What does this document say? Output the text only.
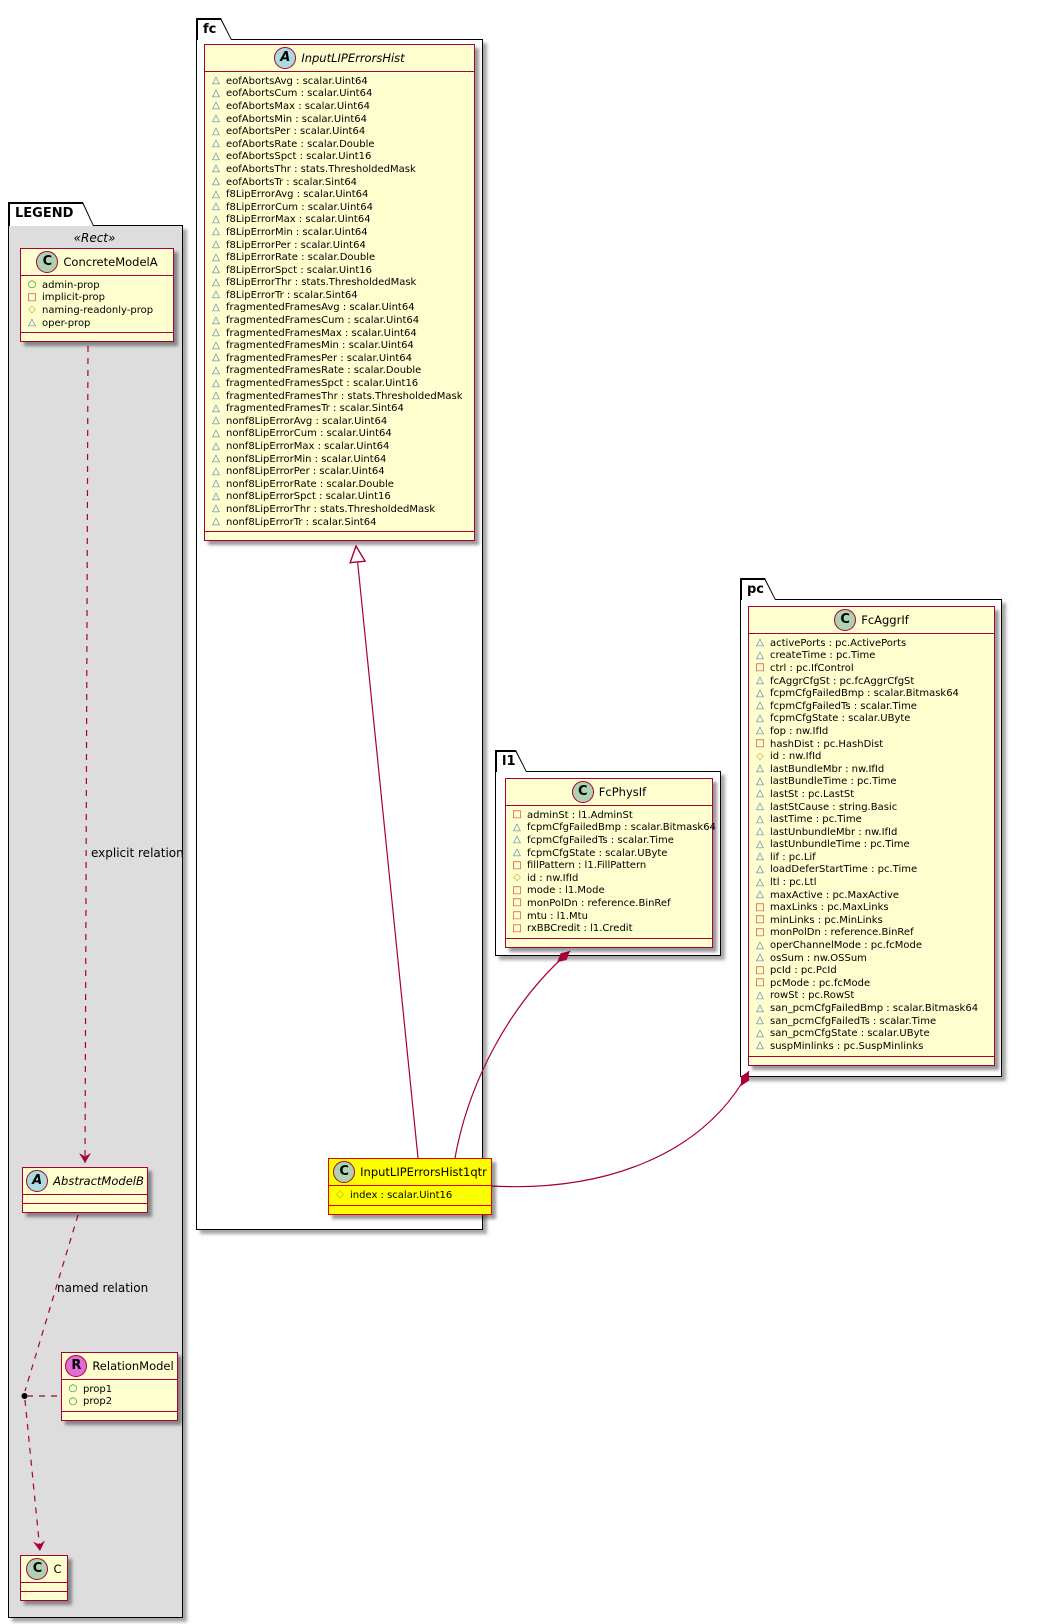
LEGEND
«Rect»
fc
l1
pc
A InputLIPErrorsHist
△
eofAbortsAvg : scalar.Uint64
△
eofAbortsCum : scalar.Uint64
△
eofAbortsMax : scalar.Uint64
△
eofAbortsMin : scalar.Uint64
△
eofAbortsPer : scalar.Uint64
△
eofAbortsRate : scalar.Double
△
eofAbortsSpct : scalar.Uint16
△
eofAbortsThr : stats.ThresholdedMask
△
eofAbortsTr : scalar.Sint64
△
f8LipErrorAvg : scalar.Uint64
△
f8LipErrorCum : scalar.Uint64
△
f8LipErrorMax : scalar.Uint64
△
f8LipErrorMin : scalar.Uint64
△
f8LipErrorPer : scalar.Uint64
△
f8LipErrorRate : scalar.Double
△
f8LipErrorSpct : scalar.Uint16
△
f8LipErrorThr : stats.ThresholdedMask
△
f8LipErrorTr : scalar.Sint64
△
fragmentedFramesAvg : scalar.Uint64
△
fragmentedFramesCum : scalar.Uint64
△
fragmentedFramesMax : scalar.Uint64
△
fragmentedFramesMin : scalar.Uint64
△
fragmentedFramesPer : scalar.Uint64
△
fragmentedFramesRate : scalar.Double
△
fragmentedFramesSpct : scalar.Uint16
△
fragmentedFramesThr : stats.ThresholdedMask
△
fragmentedFramesTr : scalar.Sint64
△
nonf8LipErrorAvg : scalar.Uint64
△
nonf8LipErrorCum : scalar.Uint64
△
nonf8LipErrorMax : scalar.Uint64
△
nonf8LipErrorMin : scalar.Uint64
△
nonf8LipErrorPer : scalar.Uint64
△
nonf8LipErrorRate : scalar.Double
△
nonf8LipErrorSpct : scalar.Uint16
△
nonf8LipErrorThr : stats.ThresholdedMask
△
nonf8LipErrorTr : scalar.Sint64
C FcAggrIf
△
activePorts : pc.ActivePorts
△
createTime : pc.Time
□
ctrl : pc.IfControl
△
fcAggrCfgSt : pc.fcAggrCfgSt
△
fcpmCfgFailedBmp : scalar.Bitmask64
△
fcpmCfgFailedTs : scalar.Time
△
fcpmCfgState : scalar.UByte
△
fop : nw.IfId
□
hashDist : pc.HashDist
◇
id : nw.IfId
△
lastBundleMbr : nw.IfId
△
lastBundleTime : pc.Time
△
lastSt : pc.LastSt
△
lastStCause : string.Basic
△
lastTime : pc.Time
△
lastUnbundleMbr : nw.IfId
△
lastUnbundleTime : pc.Time
△
lif : pc.Lif
△
loadDeferStartTime : pc.Time
△
ltl : pc.Ltl
△
maxActive : pc.MaxActive
□
maxLinks : pc.MaxLinks
□
minLinks : pc.MinLinks
□
monPolDn : reference.BinRef
△
operChannelMode : pc.fcMode
△
osSum : nw.OSSum
□
pcId : pc.PcId
□
pcMode : pc.fcMode
△
rowSt : pc.RowSt
△
san_pcmCfgFailedBmp : scalar.Bitmask64
△
san_pcmCfgFailedTs : scalar.Time
△
san_pcmCfgState : scalar.UByte
△
suspMinlinks : pc.SuspMinlinks
C FcPhysIf
□
adminSt : l1.AdminSt
△
fcpmCfgFailedBmp : scalar.Bitmask64
△
fcpmCfgFailedTs : scalar.Time
△
fcpmCfgState : scalar.UByte
□
fillPattern : l1.FillPattern
◇
id : nw.IfId
□
mode : l1.Mode
□
monPolDn : reference.BinRef
□
mtu : l1.Mtu
□
rxBBCredit : l1.Credit
C InputLIPErrorsHist1qtr
◇
index : scalar.Uint16
C ConcreteModelA
○
admin-prop
□
implicit-prop
◇
naming-readonly-prop
△
oper-prop
A AbstractModelB
R RelationModel
○
prop1
○
prop2
C C
explicit relation
named relation
